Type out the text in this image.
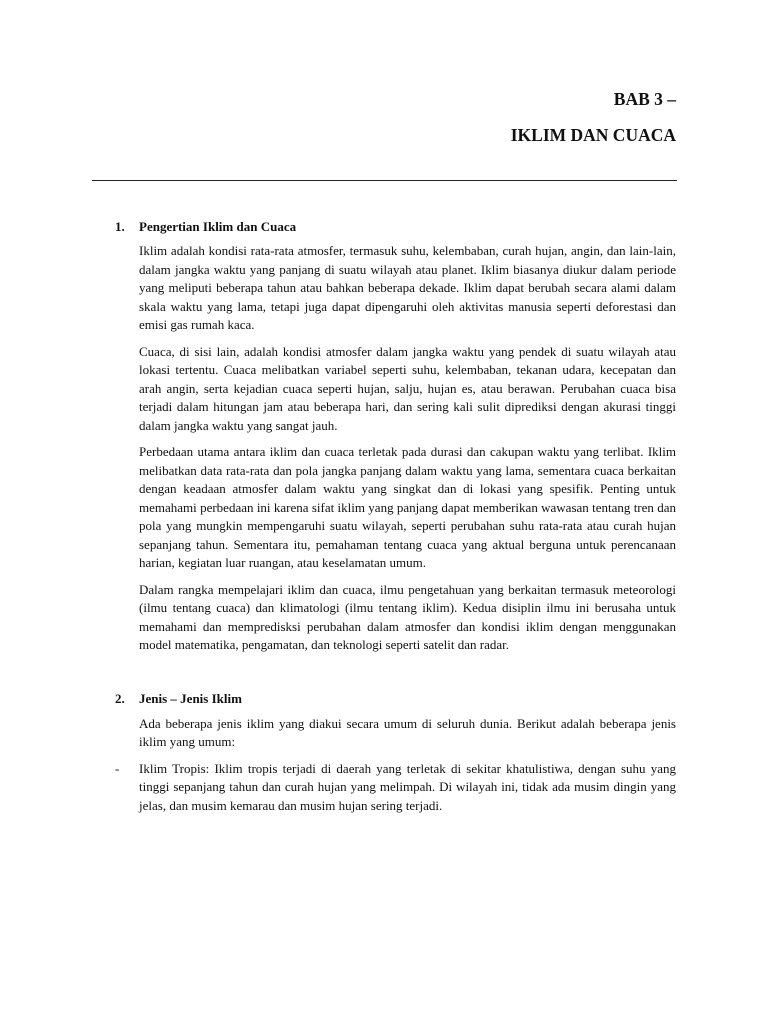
BAB 3 –

IKLIM DAN CUACA

1.	Pengertian Iklim dan Cuaca

Iklim adalah kondisi rata-rata atmosfer, termasuk suhu, kelembaban, curah hujan, angin, dan lain-lain, dalam jangka waktu yang panjang di suatu wilayah atau planet. Iklim biasanya diukur dalam periode yang meliputi beberapa tahun atau bahkan beberapa dekade. Iklim dapat berubah secara alami dalam skala waktu yang lama, tetapi juga dapat dipengaruhi oleh aktivitas manusia seperti deforestasi dan emisi gas rumah kaca.

Cuaca, di sisi lain, adalah kondisi atmosfer dalam jangka waktu yang pendek di suatu wilayah atau lokasi tertentu. Cuaca melibatkan variabel seperti suhu, kelembaban, tekanan udara, kecepatan dan arah angin, serta kejadian cuaca seperti hujan, salju, hujan es, atau berawan. Perubahan cuaca bisa terjadi dalam hitungan jam atau beberapa hari, dan sering kali sulit diprediksi dengan akurasi tinggi dalam jangka waktu yang sangat jauh.

Perbedaan utama antara iklim dan cuaca terletak pada durasi dan cakupan waktu yang terlibat. Iklim melibatkan data rata-rata dan pola jangka panjang dalam waktu yang lama, sementara cuaca berkaitan dengan keadaan atmosfer dalam waktu yang singkat dan di lokasi yang spesifik. Penting untuk memahami perbedaan ini karena sifat iklim yang panjang dapat memberikan wawasan tentang tren dan pola yang mungkin mempengaruhi suatu wilayah, seperti perubahan suhu rata-rata atau curah hujan sepanjang tahun. Sementara itu, pemahaman tentang cuaca yang aktual berguna untuk perencanaan harian, kegiatan luar ruangan, atau keselamatan umum.

Dalam rangka mempelajari iklim dan cuaca, ilmu pengetahuan yang berkaitan termasuk meteorologi (ilmu tentang cuaca) dan klimatologi (ilmu tentang iklim). Kedua disiplin ilmu ini berusaha untuk memahami dan mempredisksi perubahan dalam atmosfer dan kondisi iklim dengan menggunakan model matematika, pengamatan, dan teknologi seperti satelit dan radar.

2.	Jenis – Jenis Iklim

Ada beberapa jenis iklim yang diakui secara umum di seluruh dunia. Berikut adalah beberapa jenis iklim yang umum:

-	Iklim Tropis: Iklim tropis terjadi di daerah yang terletak di sekitar khatulistiwa, dengan suhu yang tinggi sepanjang tahun dan curah hujan yang melimpah. Di wilayah ini, tidak ada musim dingin yang jelas, dan musim kemarau dan musim hujan sering terjadi.
